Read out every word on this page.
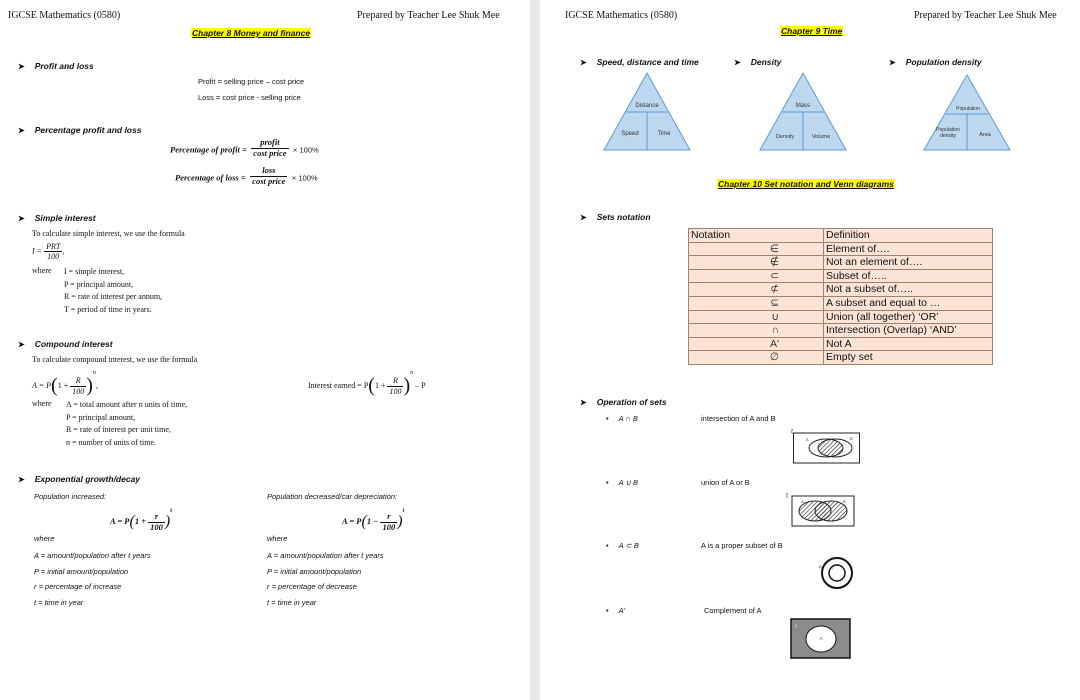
IGCSE Mathematics (0580)	Prepared by Teacher Lee Shuk Mee
Chapter 8 Money and finance
➤ Profit and loss
Profit = selling price – cost price
Loss = cost price - selling price
➤ Percentage profit and loss
Percentage of profit = $\frac{\text{profit}}{\text{cost price}} \times 100\%$
Percentage of loss = $\frac{\text{loss}}{\text{cost price}} \times 100\%$
➤ Simple interest
To calculate simple interest, we use the formula
$I = \frac{\text{PRT}}{100}$ ,
where I = simple interest,
P = principal amount,
R = rate of interest per annum,
T = period of time in years.
➤ Compound interest
To calculate compound interest, we use the formula
$A = P(1 + \frac{R}{100} )^n$,	Interest earned = $P(1 + \frac{R}{100} )^n - P$
where A = total amount after n units of time,
P = principal amount,
R = rate of interest per unit time,
n = number of units of time.
➤ Exponential growth/decay
Population increased:	Population decreased/car depreciation:
$A = P(1 + \frac{r}{100} )^t$
$A = P(1 - \frac{r}{100} )^t$
where
A = amount/population after t years
P = initial amount/population
r = percentage of increase
t = time in year
where
A = amount/population after t years
P = initial amount/population
r = percentage of decrease
t = time in year
IGCSE Mathematics (0580)	Prepared by Teacher Lee Shuk Mee
Chapter 9 Time
➤ Speed, distance and time	➤ Density	➤ Population density
Distance
Speed	Time
Mass
Density	Volume
Population
Population density	Area
Chapter 10 Set notation and Venn diagrams
➤ Sets notation
Notation	Definition
∈	Element of….
∉	Not an element of….
⊂	Subset of…..
⊄	Not a subset of…..
⊆	A subset and equal to …
∪	Union (all together) ‘OR’
∩	Intersection (Overlap) ‘AND’
A'	Not A
∅	Empty set
➤ Operation of sets
• A ∩ B	intersection of A and B
ξ
A	B
• A ∪ B	union of A or B
ξ
A	B
• A ⊂ B	A is a proper subset of B
B A
• A'	Complement of A
A
ξ
